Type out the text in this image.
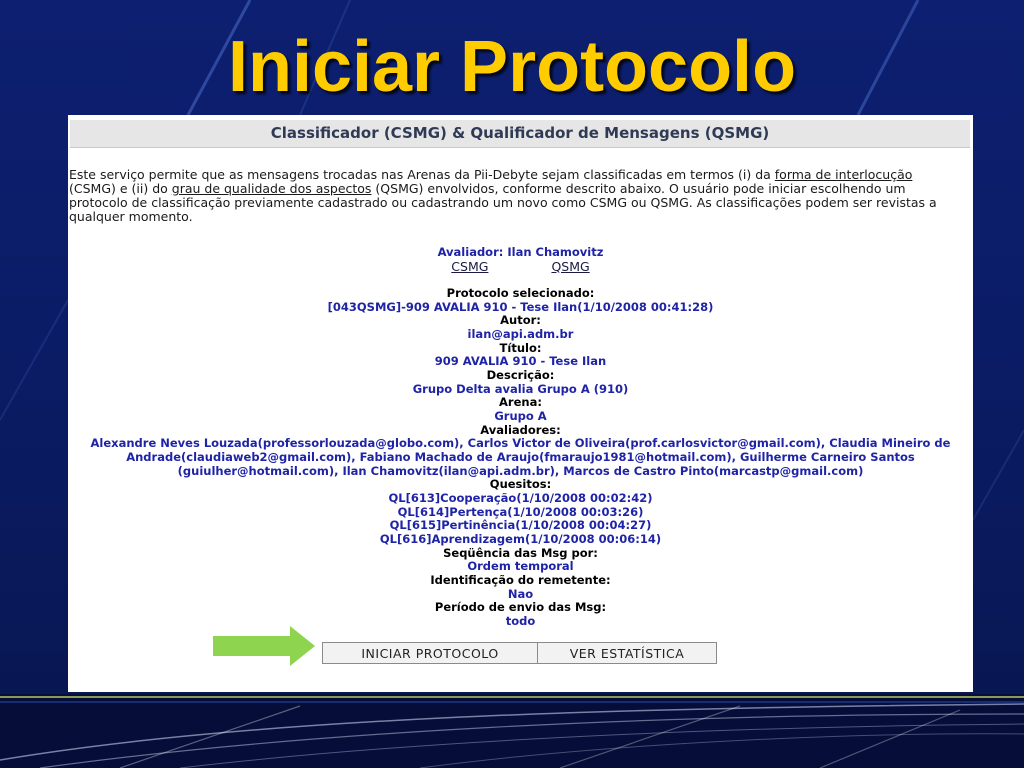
Iniciar Protocolo
Classificador (CSMG) & Qualificador de Mensagens (QSMG)

Este serviço permite que as mensagens trocadas nas Arenas da Pii-Debyte sejam classificadas em termos (i) da forma de interlocução (CSMG) e (ii) do grau de qualidade dos aspectos (QSMG) envolvidos, conforme descrito abaixo. O usuário pode iniciar escolhendo um protocolo de classificação previamente cadastrado ou cadastrando um novo como CSMG ou QSMG. As classificações podem ser revistas a qualquer momento.

Avaliador: Ilan Chamovitz
CSMG	QSMG
Protocolo selecionado:
[043QSMG]-909 AVALIA 910 - Tese Ilan(1/10/2008 00:41:28)
Autor:
ilan@api.adm.br
Título:
909 AVALIA 910 - Tese Ilan
Descrição:
Grupo Delta avalia Grupo A (910)
Arena:
Grupo A
Avaliadores:
Alexandre Neves Louzada(professorlouzada@globo.com), Carlos Victor de Oliveira(prof.carlosvictor@gmail.com), Claudia Mineiro de Andrade(claudiaweb2@gmail.com), Fabiano Machado de Araujo(fmaraujo1981@hotmail.com), Guilherme Carneiro Santos (guiulher@hotmail.com), Ilan Chamovitz(ilan@api.adm.br), Marcos de Castro Pinto(marcastp@gmail.com)
Quesitos:
QL[613]Cooperação(1/10/2008 00:02:42)
QL[614]Pertença(1/10/2008 00:03:26)
QL[615]Pertinência(1/10/2008 00:04:27)
QL[616]Aprendizagem(1/10/2008 00:06:14)
Seqüência das Msg por:
Ordem temporal
Identificação do remetente:
Nao
Período de envio das Msg:
todo
INICIAR PROTOCOLO	VER ESTATÍSTICA
